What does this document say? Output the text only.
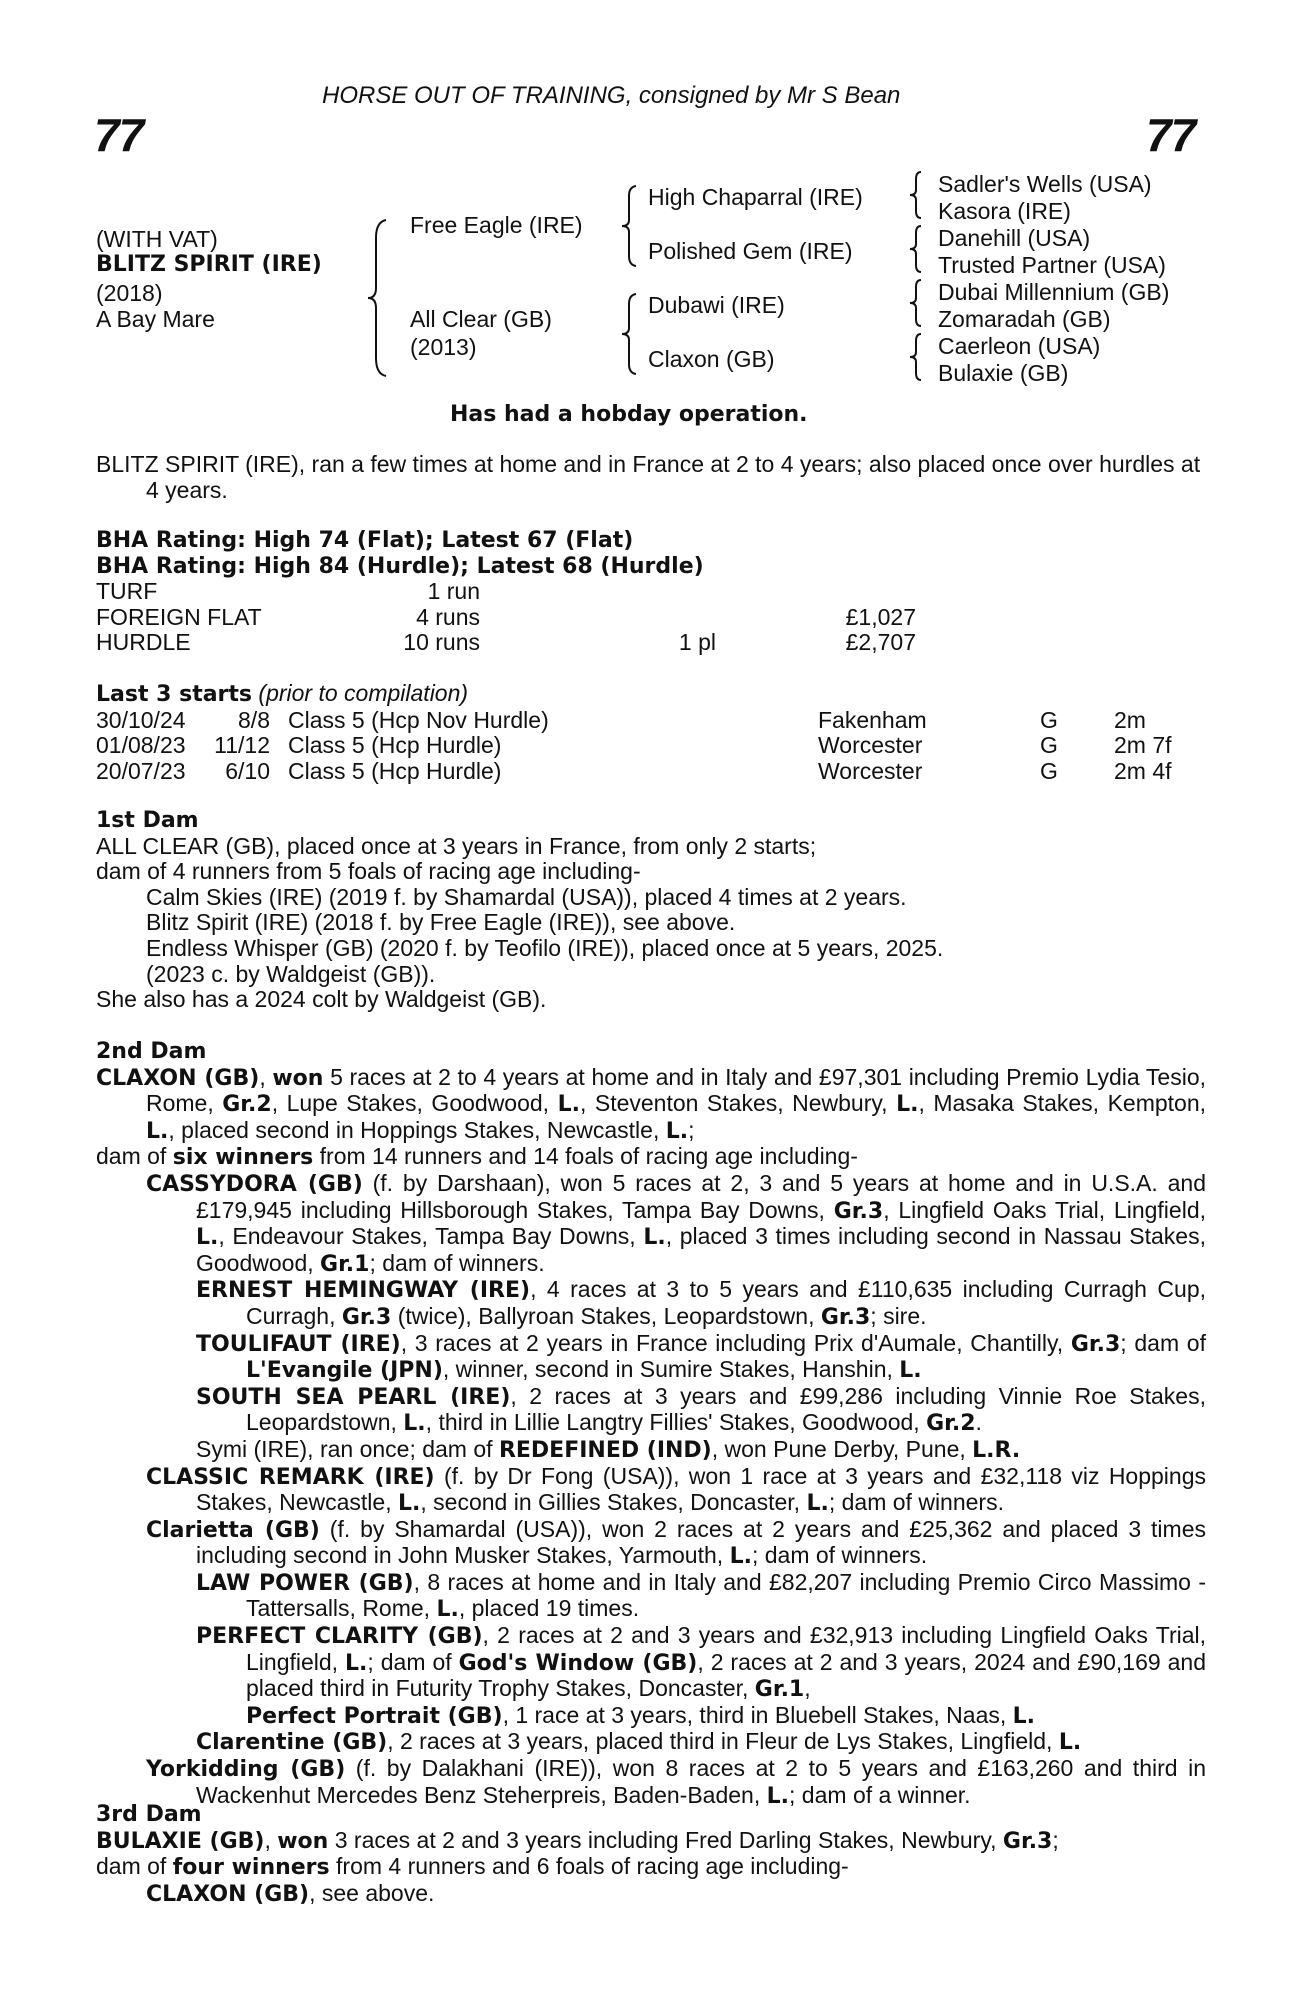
HORSE OUT OF TRAINING, consigned by Mr S Bean
77	77
(WITH VAT)
BLITZ SPIRIT (IRE)
(2018)
A Bay Mare
Free Eagle (IRE)
All Clear (GB)
(2013)
High Chaparral (IRE)
Polished Gem (IRE)
Dubawi (IRE)
Claxon (GB)
Sadler's Wells (USA)
Kasora (IRE)
Danehill (USA)
Trusted Partner (USA)
Dubai Millennium (GB)
Zomaradah (GB)
Caerleon (USA)
Bulaxie (GB)
Has had a hobday operation.

BLITZ SPIRIT (IRE), ran a few times at home and in France at 2 to 4 years; also placed once over hurdles at 4 years.

BHA Rating: High 74 (Flat); Latest 67 (Flat)

BHA Rating: High 84 (Hurdle); Latest 68 (Hurdle)

TURF	1 run
FOREIGN FLAT	4 runs	£1,027
HURDLE	10 runs	1 pl	£2,707

Last 3 starts (prior to compilation)

30/10/24	8/8 Class 5 (Hcp Nov Hurdle)	Fakenham	G 2m
01/08/23	11/12 Class 5 (Hcp Hurdle)	Worcester	G 2m 7f
20/07/23	6/10 Class 5 (Hcp Hurdle)	Worcester	G 2m 4f

1st Dam

ALL CLEAR (GB), placed once at 3 years in France, from only 2 starts;

dam of 4 runners from 5 foals of racing age including-

Calm Skies (IRE) (2019 f. by Shamardal (USA)), placed 4 times at 2 years.

Blitz Spirit (IRE) (2018 f. by Free Eagle (IRE)), see above.

Endless Whisper (GB) (2020 f. by Teofilo (IRE)), placed once at 5 years, 2025.

(2023 c. by Waldgeist (GB)).

She also has a 2024 colt by Waldgeist (GB).

2nd Dam

CLAXON (GB), won 5 races at 2 to 4 years at home and in Italy and £97,301 including Premio Lydia Tesio, Rome, Gr.2, Lupe Stakes, Goodwood, L., Steventon Stakes, Newbury, L., Masaka Stakes, Kempton, L., placed second in Hoppings Stakes, Newcastle, L.;

dam of six winners from 14 runners and 14 foals of racing age including-

CASSYDORA (GB) (f. by Darshaan), won 5 races at 2, 3 and 5 years at home and in U.S.A. and £179,945 including Hillsborough Stakes, Tampa Bay Downs, Gr.3, Lingfield Oaks Trial, Lingfield, L., Endeavour Stakes, Tampa Bay Downs, L., placed 3 times including second in Nassau Stakes, Goodwood, Gr.1; dam of winners.

ERNEST HEMINGWAY (IRE), 4 races at 3 to 5 years and £110,635 including Curragh Cup, Curragh, Gr.3 (twice), Ballyroan Stakes, Leopardstown, Gr.3; sire.

TOULIFAUT (IRE), 3 races at 2 years in France including Prix d'Aumale, Chantilly, Gr.3; dam of L'Evangile (JPN), winner, second in Sumire Stakes, Hanshin, L.

SOUTH SEA PEARL (IRE), 2 races at 3 years and £99,286 including Vinnie Roe Stakes, Leopardstown, L., third in Lillie Langtry Fillies' Stakes, Goodwood, Gr.2.

Symi (IRE), ran once; dam of REDEFINED (IND), won Pune Derby, Pune, L.R.

CLASSIC REMARK (IRE) (f. by Dr Fong (USA)), won 1 race at 3 years and £32,118 viz Hoppings Stakes, Newcastle, L., second in Gillies Stakes, Doncaster, L.; dam of winners.

Clarietta (GB) (f. by Shamardal (USA)), won 2 races at 2 years and £25,362 and placed 3 times including second in John Musker Stakes, Yarmouth, L.; dam of winners.

LAW POWER (GB), 8 races at home and in Italy and £82,207 including Premio Circo Massimo - Tattersalls, Rome, L., placed 19 times.

PERFECT CLARITY (GB), 2 races at 2 and 3 years and £32,913 including Lingfield Oaks Trial, Lingfield, L.; dam of God's Window (GB), 2 races at 2 and 3 years, 2024 and £90,169 and placed third in Futurity Trophy Stakes, Doncaster, Gr.1,

Perfect Portrait (GB), 1 race at 3 years, third in Bluebell Stakes, Naas, L.

Clarentine (GB), 2 races at 3 years, placed third in Fleur de Lys Stakes, Lingfield, L.

Yorkidding (GB) (f. by Dalakhani (IRE)), won 8 races at 2 to 5 years and £163,260 and third in Wackenhut Mercedes Benz Steherpreis, Baden-Baden, L.; dam of a winner.

3rd Dam

BULAXIE (GB), won 3 races at 2 and 3 years including Fred Darling Stakes, Newbury, Gr.3;

dam of four winners from 4 runners and 6 foals of racing age including-

CLAXON (GB), see above.
